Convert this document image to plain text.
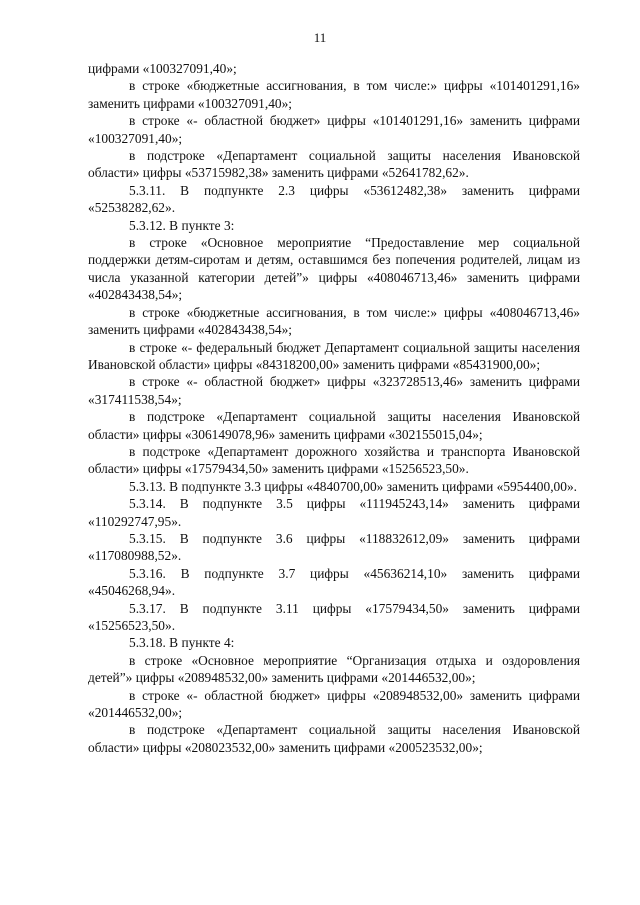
11

цифрами «100327091,40»;

в строке «бюджетные ассигнования, в том числе:» цифры «101401291,16» заменить цифрами «100327091,40»;

в строке «- областной бюджет» цифры «101401291,16» заменить цифрами «100327091,40»;

в подстроке «Департамент социальной защиты населения Ивановской области» цифры «53715982,38» заменить цифрами «52641782,62».

5.3.11. В подпункте 2.3 цифры «53612482,38» заменить цифрами «52538282,62».

5.3.12. В пункте 3:

в строке «Основное мероприятие “Предоставление мер социальной поддержки детям-сиротам и детям, оставшимся без попечения родителей, лицам из числа указанной категории детей”» цифры «408046713,46» заменить цифрами «402843438,54»;

в строке «бюджетные ассигнования, в том числе:» цифры «408046713,46» заменить цифрами «402843438,54»;

в строке «- федеральный бюджет Департамент социальной защиты населения Ивановской области» цифры «84318200,00» заменить цифрами «85431900,00»;

в строке «- областной бюджет» цифры «323728513,46» заменить цифрами «317411538,54»;

в подстроке «Департамент социальной защиты населения Ивановской области» цифры «306149078,96» заменить цифрами «302155015,04»;

в подстроке «Департамент дорожного хозяйства и транспорта Ивановской области» цифры «17579434,50» заменить цифрами «15256523,50».

5.3.13. В подпункте 3.3 цифры «4840700,00» заменить цифрами «5954400,00».

5.3.14. В подпункте 3.5 цифры «111945243,14» заменить цифрами «110292747,95».

5.3.15. В подпункте 3.6 цифры «118832612,09» заменить цифрами «117080988,52».

5.3.16. В подпункте 3.7 цифры «45636214,10» заменить цифрами «45046268,94».

5.3.17. В подпункте 3.11 цифры «17579434,50» заменить цифрами «15256523,50».

5.3.18. В пункте 4:

в строке «Основное мероприятие “Организация отдыха и оздоровления детей”» цифры «208948532,00» заменить цифрами «201446532,00»;

в строке «- областной бюджет» цифры «208948532,00» заменить цифрами «201446532,00»;

в подстроке «Департамент социальной защиты населения Ивановской области» цифры «208023532,00» заменить цифрами «200523532,00»;
